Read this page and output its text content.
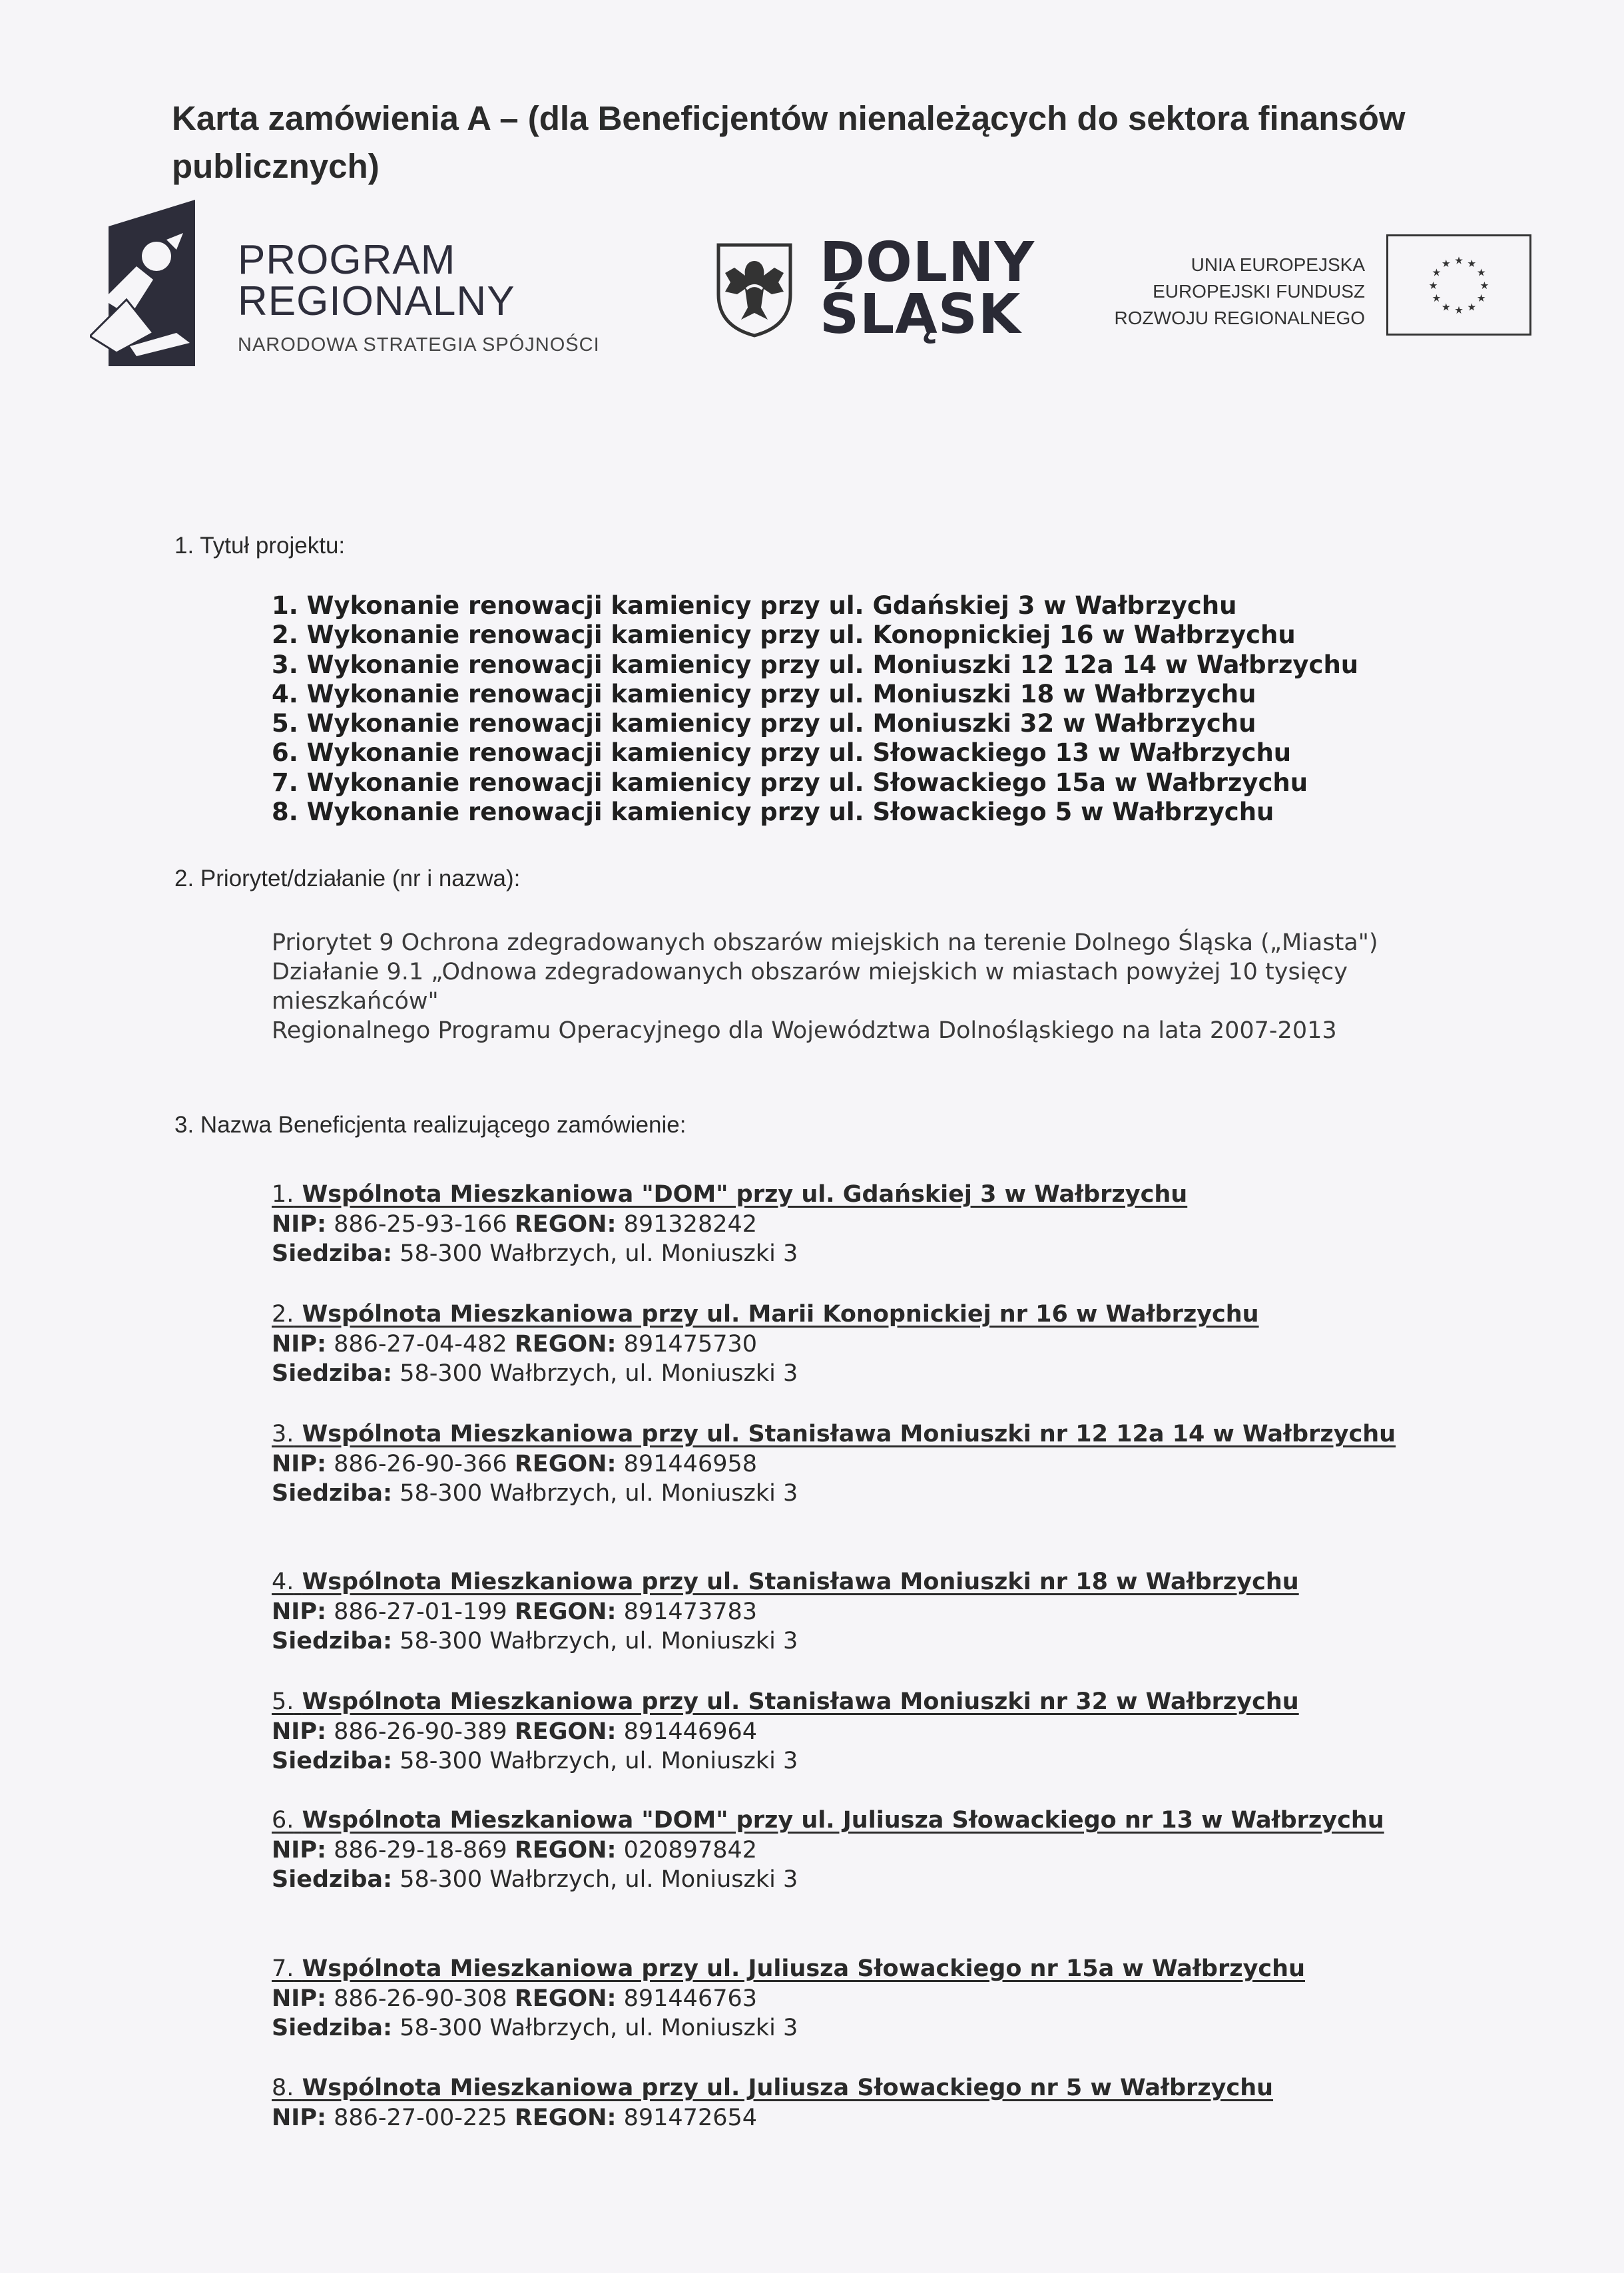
Karta zamówienia A – (dla Beneficjentów nienależących do sektora finansów publicznych)
PROGRAM
REGIONALNY
NARODOWA STRATEGIA SPÓJNOŚCI
DOLNY
ŚLĄSK
UNIA EUROPEJSKA
EUROPEJSKI FUNDUSZ
ROZWOJU REGIONALNEGO
★ ★
★
★
★
★
★
★
★
★
★
★
1. Tytuł projektu:
1. Wykonanie renowacji kamienicy przy ul. Gdańskiej 3 w Wałbrzychu
2. Wykonanie renowacji kamienicy przy ul. Konopnickiej 16 w Wałbrzychu
3. Wykonanie renowacji kamienicy przy ul. Moniuszki 12 12a 14 w Wałbrzychu
4. Wykonanie renowacji kamienicy przy ul. Moniuszki 18 w Wałbrzychu
5. Wykonanie renowacji kamienicy przy ul. Moniuszki 32 w Wałbrzychu
6. Wykonanie renowacji kamienicy przy ul. Słowackiego 13 w Wałbrzychu
7. Wykonanie renowacji kamienicy przy ul. Słowackiego 15a w Wałbrzychu
8. Wykonanie renowacji kamienicy przy ul. Słowackiego 5 w Wałbrzychu
2. Priorytet/działanie (nr i nazwa):

Priorytet 9 Ochrona zdegradowanych obszarów miejskich na terenie Dolnego Śląska („Miasta")

Działanie 9.1 „Odnowa zdegradowanych obszarów miejskich w miastach powyżej 10 tysięcy mieszkańców"

Regionalnego Programu Operacyjnego dla Województwa Dolnośląskiego na lata 2007-2013

3. Nazwa Beneficjenta realizującego zamówienie:
1. Wspólnota Mieszkaniowa "DOM" przy ul. Gdańskiej 3 w Wałbrzychu
NIP: 886-25-93-166 REGON: 891328242
Siedziba: 58-300 Wałbrzych, ul. Moniuszki 3
2. Wspólnota Mieszkaniowa przy ul. Marii Konopnickiej nr 16 w Wałbrzychu
NIP: 886-27-04-482 REGON: 891475730
Siedziba: 58-300 Wałbrzych, ul. Moniuszki 3
3. Wspólnota Mieszkaniowa przy ul. Stanisława Moniuszki nr 12 12a 14 w Wałbrzychu
NIP: 886-26-90-366 REGON: 891446958
Siedziba: 58-300 Wałbrzych, ul. Moniuszki 3
4. Wspólnota Mieszkaniowa przy ul. Stanisława Moniuszki nr 18 w Wałbrzychu
NIP: 886-27-01-199 REGON: 891473783
Siedziba: 58-300 Wałbrzych, ul. Moniuszki 3
5. Wspólnota Mieszkaniowa przy ul. Stanisława Moniuszki nr 32 w Wałbrzychu
NIP: 886-26-90-389 REGON: 891446964
Siedziba: 58-300 Wałbrzych, ul. Moniuszki 3
6. Wspólnota Mieszkaniowa "DOM" przy ul. Juliusza Słowackiego nr 13 w Wałbrzychu
NIP: 886-29-18-869 REGON: 020897842
Siedziba: 58-300 Wałbrzych, ul. Moniuszki 3
7. Wspólnota Mieszkaniowa przy ul. Juliusza Słowackiego nr 15a w Wałbrzychu
NIP: 886-26-90-308 REGON: 891446763
Siedziba: 58-300 Wałbrzych, ul. Moniuszki 3
8. Wspólnota Mieszkaniowa przy ul. Juliusza Słowackiego nr 5 w Wałbrzychu
NIP: 886-27-00-225 REGON: 891472654
